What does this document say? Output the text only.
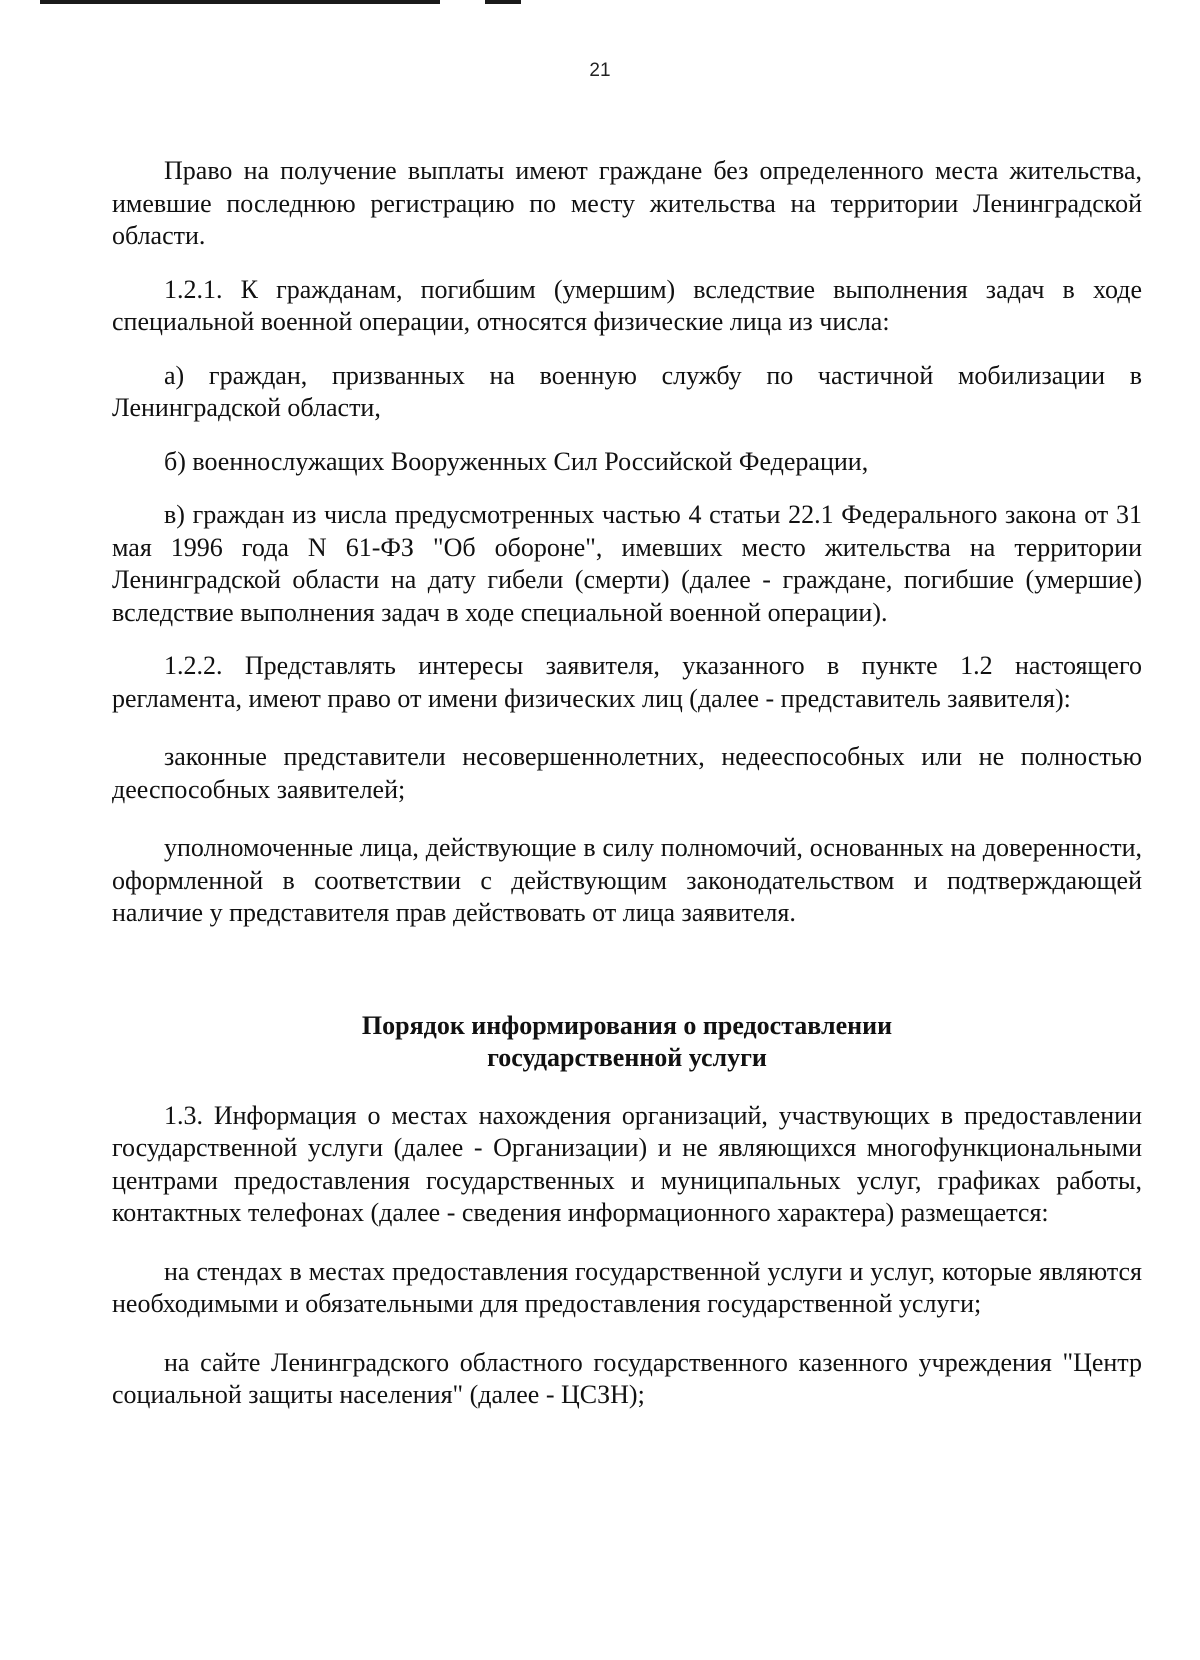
21

Право на получение выплаты имеют граждане без определенного места жительства, имевшие последнюю регистрацию по месту жительства на территории Ленинградской области.

1.2.1. К гражданам, погибшим (умершим) вследствие выполнения задач в ходе специальной военной операции, относятся физические лица из числа:

а) граждан, призванных на военную службу по частичной мобилизации в Ленинградской области,

б) военнослужащих Вооруженных Сил Российской Федерации,

в) граждан из числа предусмотренных частью 4 статьи 22.1 Федерального закона от 31 мая 1996 года N 61-ФЗ "Об обороне", имевших место жительства на территории Ленинградской области на дату гибели (смерти) (далее - граждане, погибшие (умершие) вследствие выполнения задач в ходе специальной военной операции).

1.2.2. Представлять интересы заявителя, указанного в пункте 1.2 настоящего регламента, имеют право от имени физических лиц (далее - представитель заявителя):

законные представители несовершеннолетних, недееспособных или не полностью дееспособных заявителей;

уполномоченные лица, действующие в силу полномочий, основанных на доверенности, оформленной в соответствии с действующим законодательством и подтверждающей наличие у представителя прав действовать от лица заявителя.

Порядок информирования о предоставлении
государственной услуги

1.3. Информация о местах нахождения организаций, участвующих в предоставлении государственной услуги (далее - Организации) и не являющихся многофункциональными центрами предоставления государственных и муниципальных услуг, графиках работы, контактных телефонах (далее - сведения информационного характера) размещается:

на стендах в местах предоставления государственной услуги и услуг, которые являются необходимыми и обязательными для предоставления государственной услуги;

на сайте Ленинградского областного государственного казенного учреждения "Центр социальной защиты населения" (далее - ЦСЗН);
